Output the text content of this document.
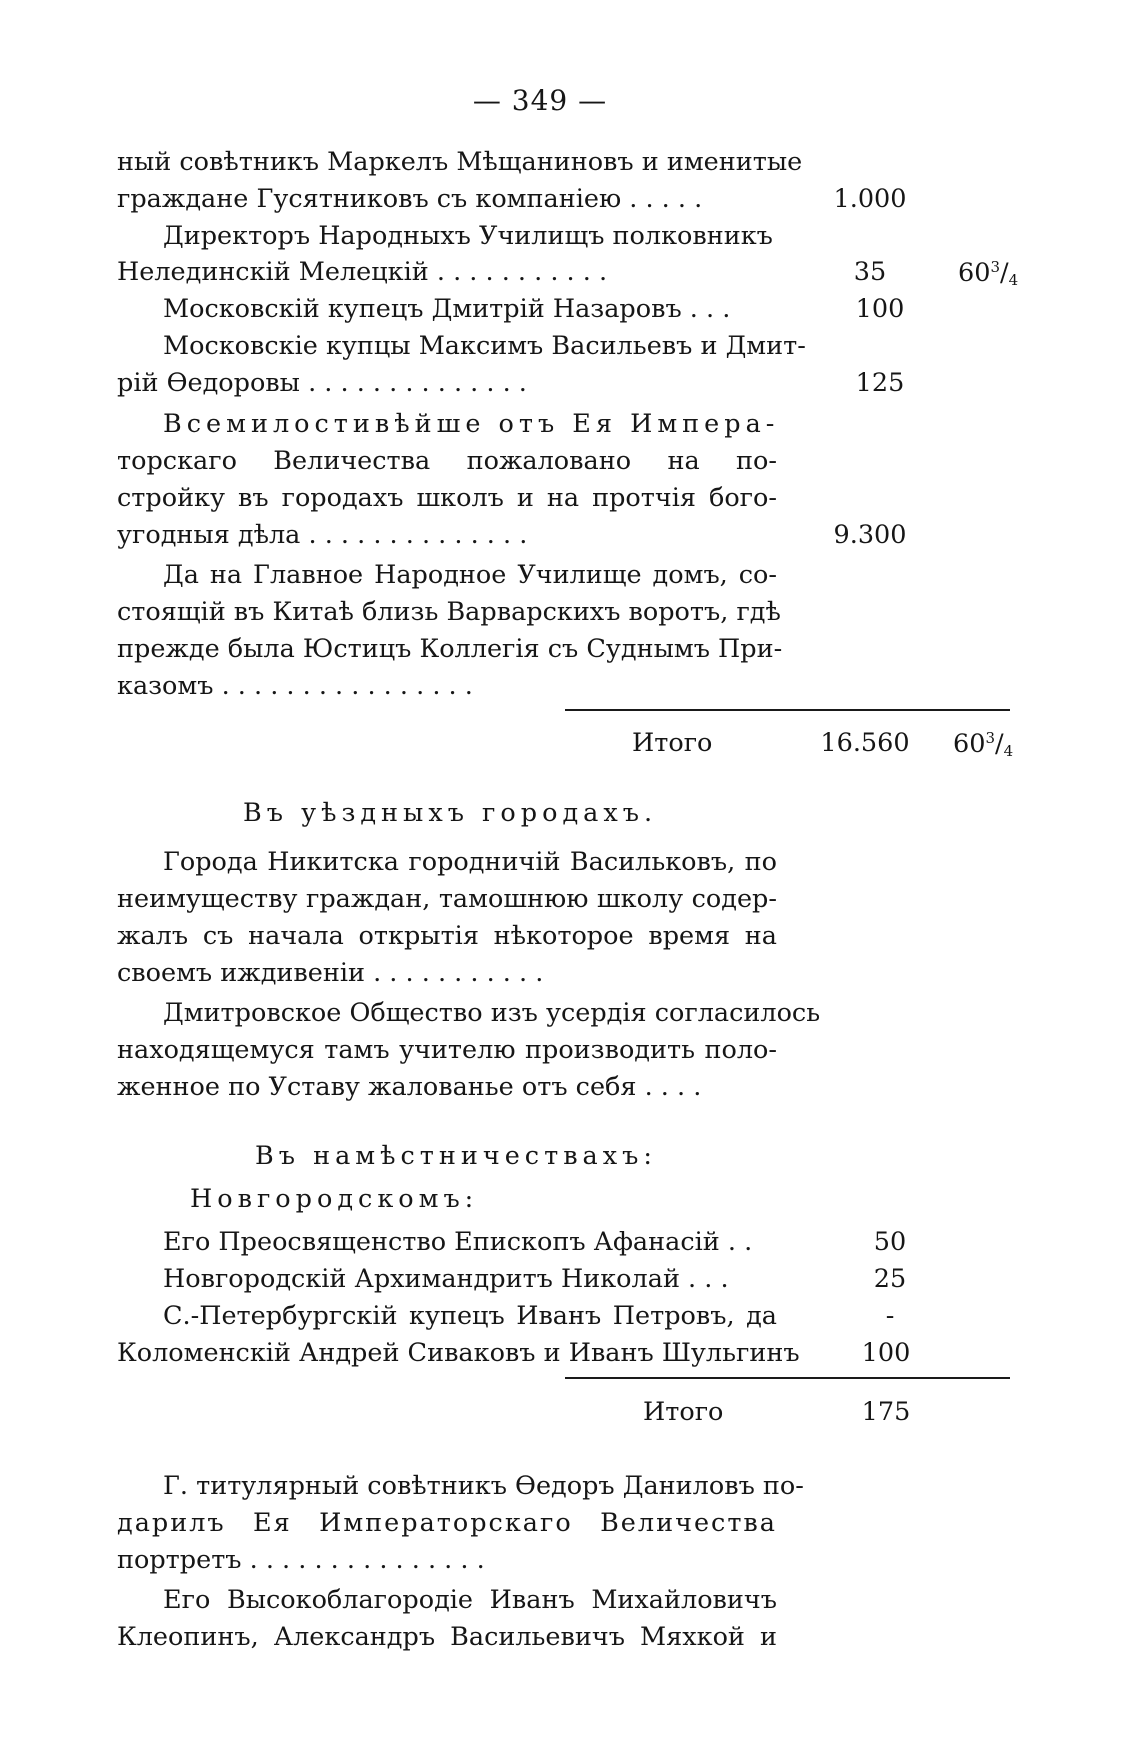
— 349 —
ный совѣтникъ Маркелъ Мѣщаниновъ и именитые
граждане Гусятниковъ съ компаніею . . . . .	1.000
Директоръ Народныхъ Училищъ полковникъ
Нелединскій Мелецкій . . . . . . . . . . .	35	$60^3/_4$
Московскій купецъ Дмитрій Назаровъ . . .	100
Московскіе купцы Максимъ Васильевъ и Дмит-
рій Ѳедоровы . . . . . . . . . . . . . .	125
Всемилостивѣйше отъ Ея Импера-
торскаго Величества пожаловано на по-
стройку въ городахъ школъ и на протчія бого-
угодныя дѣла . . . . . . . . . . . . . .	9.300
Да на Главное Народное Училище домъ, со-
стоящій въ Китаѣ близь Варварскихъ воротъ, гдѣ
прежде была Юстицъ Коллегія съ Суднымъ При-
казомъ . . . . . . . . . . . . . . . .
Итого	16.560	$60^3/_4$
Въ уѣздныхъ городахъ.
Города Никитска городничій Васильковъ, по
неимуществу граждан, тамошнюю школу содер-
жалъ съ начала открытія нѣкоторое время на
своемъ иждивеніи . . . . . . . . . . .
Дмитровское Общество изъ усердія согласилось
находящемуся тамъ учителю производить поло-
женное по Уставу жалованье отъ себя . . . .
Въ намѣстничествахъ:
Новгородскомъ:
Его Преосвященство Епископъ Афанасій . .	50
Новгородскій Архимандритъ Николай . . .	25
С.-Петербургскій купецъ Иванъ Петровъ, да	-
Коломенскій Андрей Сиваковъ и Иванъ Шульгинъ	100
Итого	175
Г. титулярный совѣтникъ Ѳедоръ Даниловъ по-
дарилъ Ея Императорскаго Величества
портретъ . . . . . . . . . . . . . . .
Его Высокоблагородіе Иванъ Михайловичъ
Клеопинъ, Александръ Васильевичъ Мяхкой и
